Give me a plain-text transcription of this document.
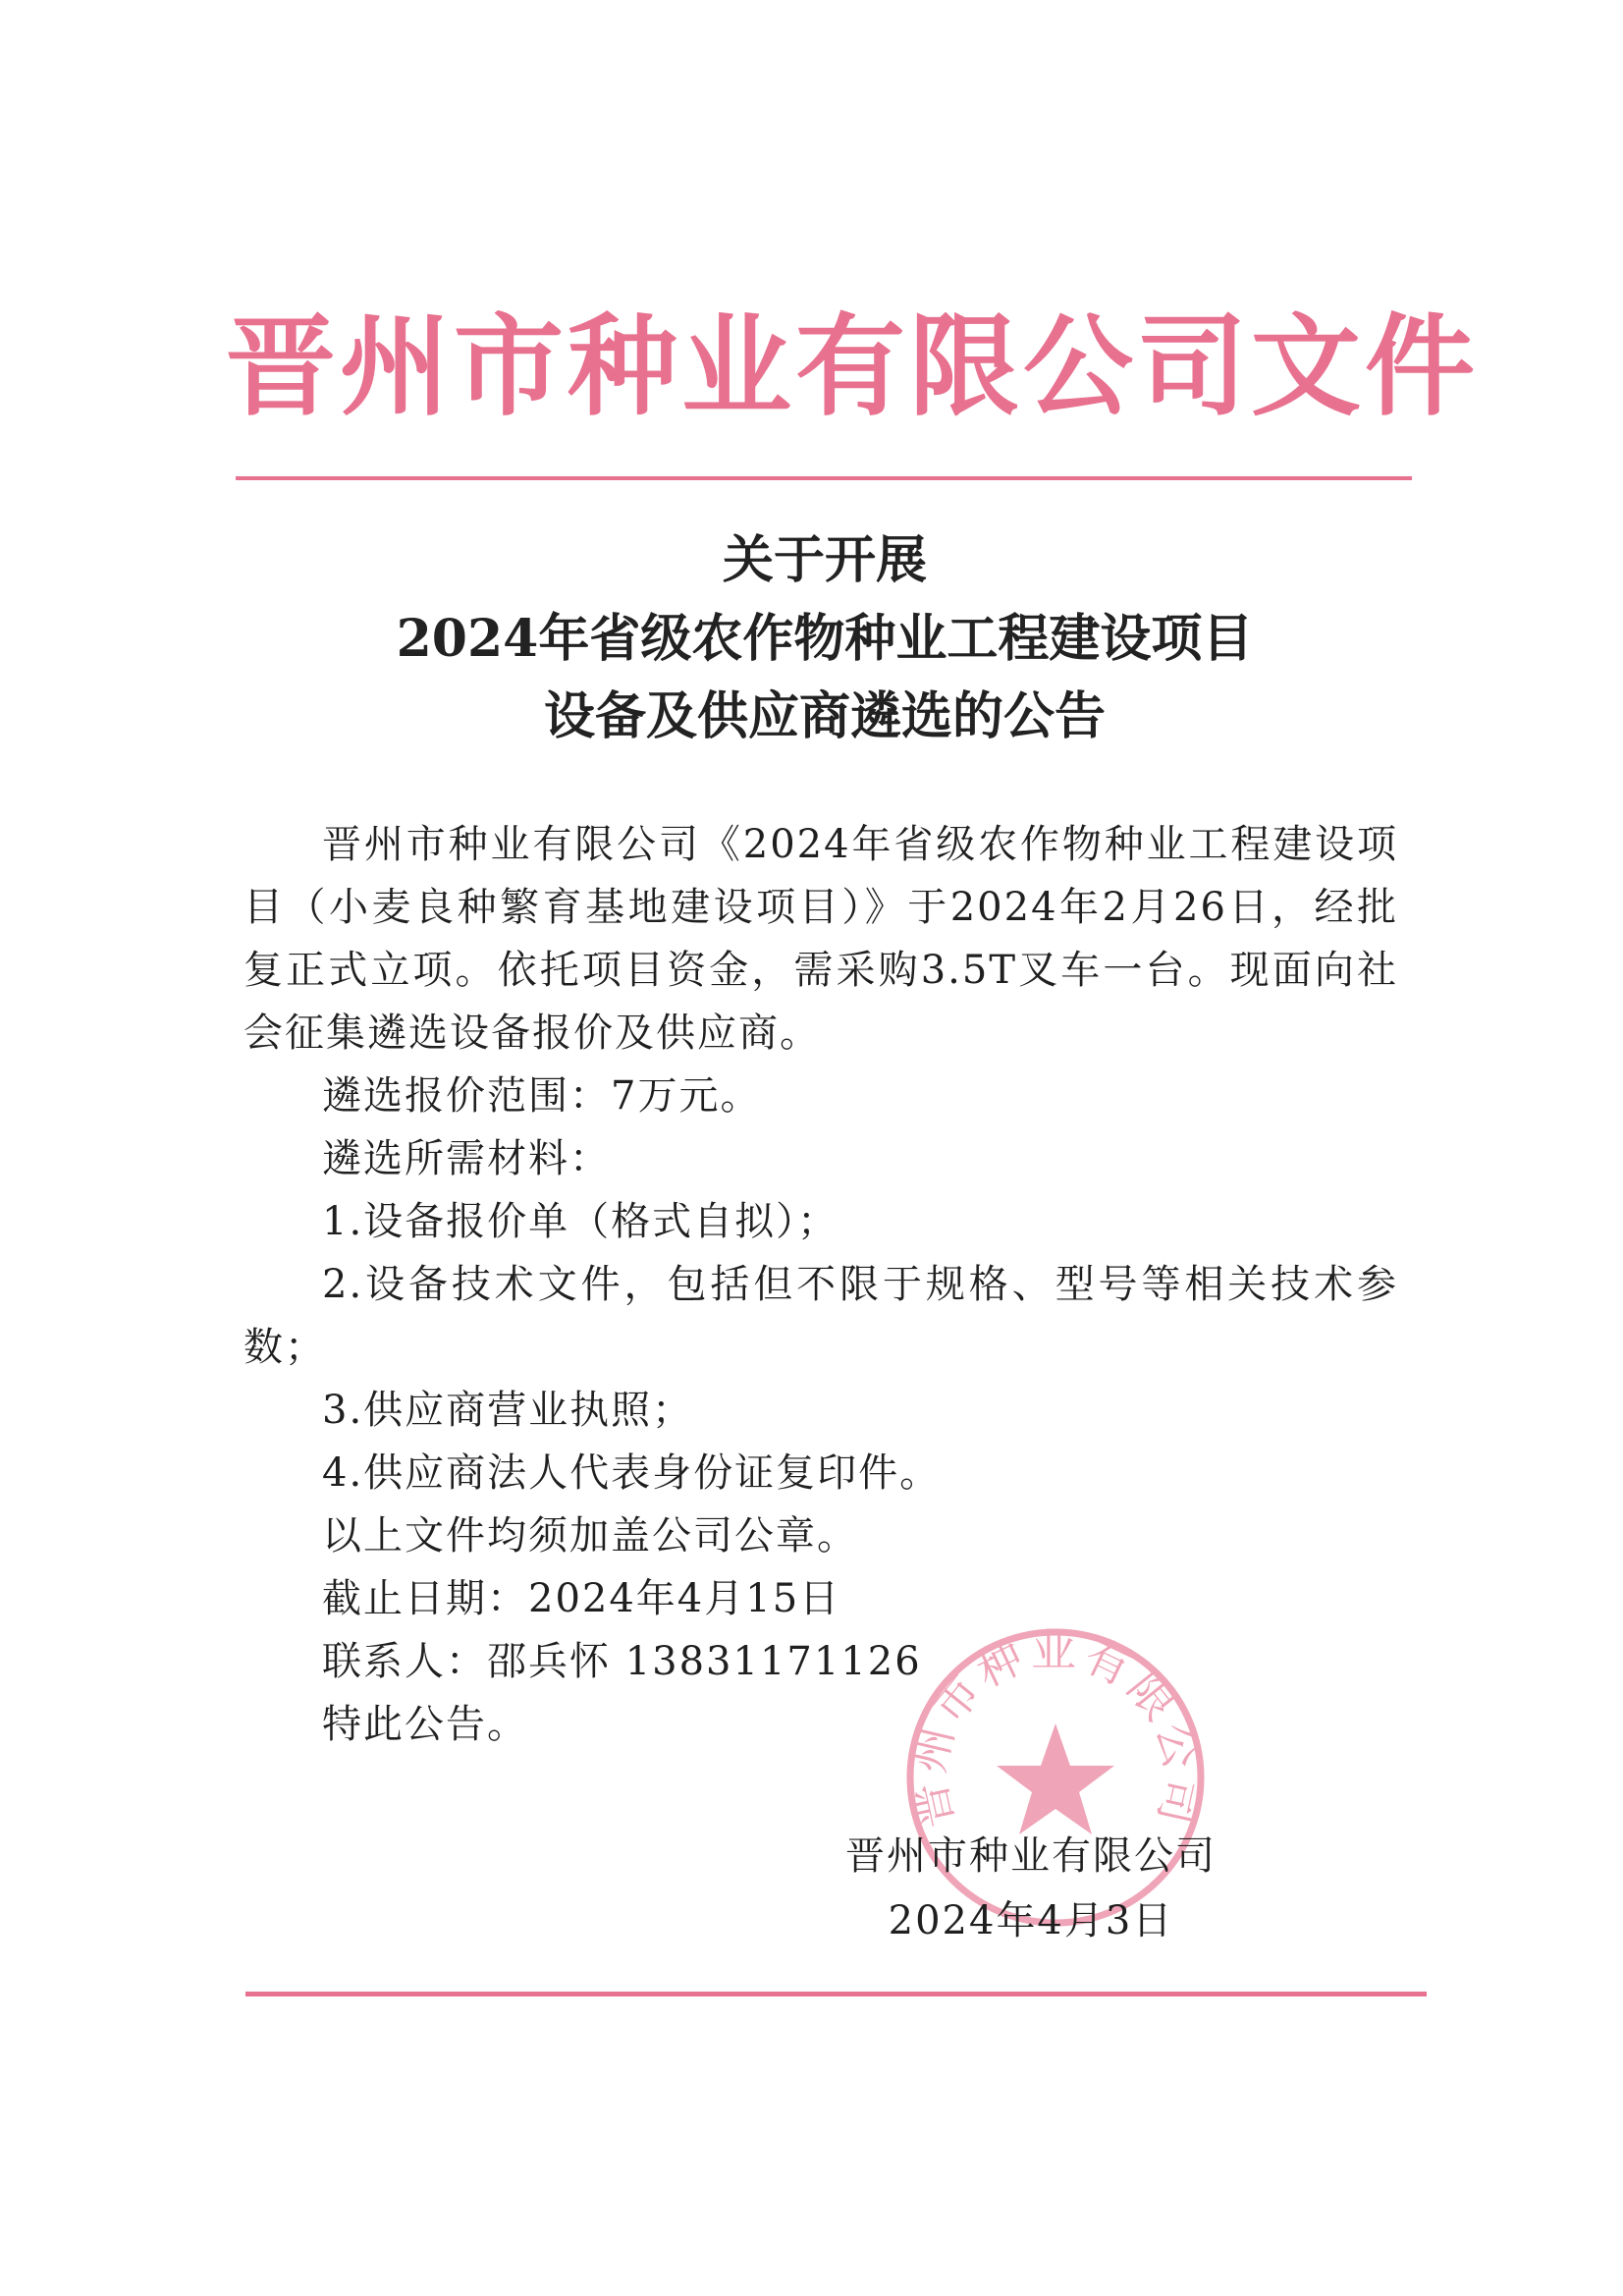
晋州市种业有限公司文件
关于开展
2024年省级农作物种业工程建设项目
设备及供应商遴选的公告

晋州市种业有限公司《2024年省级农作物种业工程建设项目（小麦良种繁育基地建设项目）》于2024年2月26日，经批复正式立项。依托项目资金，需采购3.5T叉车一台。现面向社会征集遴选设备报价及供应商。

遴选报价范围：7万元。

遴选所需材料：

1.设备报价单（格式自拟）；

2.设备技术文件，包括但不限于规格、型号等相关技术参数；

3.供应商营业执照；

4.供应商法人代表身份证复印件。

以上文件均须加盖公司公章。

截止日期：2024年4月15日

联系人：邵兵怀 13831171126

特此公告。

晋州市种业有限公司
晋州市种业有限公司
2024年4月3日
